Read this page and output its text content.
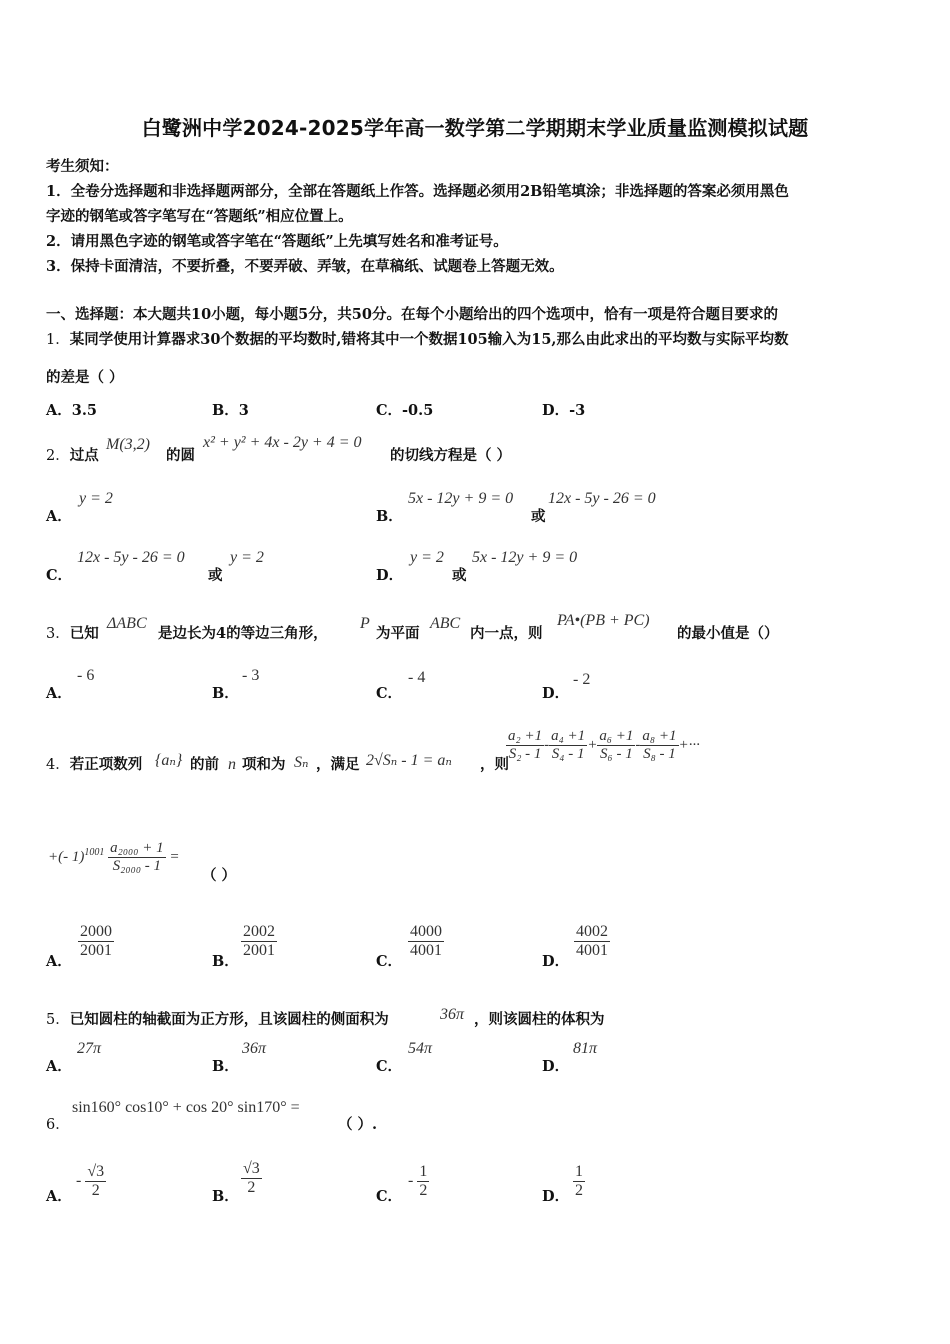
白鹭洲中学2024-2025学年高一数学第二学期期末学业质量监测模拟试题
考生须知：
1．全卷分选择题和非选择题两部分，全部在答题纸上作答。选择题必须用2B铅笔填涂；非选择题的答案必须用黑色
字迹的钢笔或答字笔写在“答题纸”相应位置上。
2．请用黑色字迹的钢笔或答字笔在“答题纸”上先填写姓名和准考证号。
3．保持卡面清洁，不要折叠，不要弄破、弄皱，在草稿纸、试题卷上答题无效。
一、选择题：本大题共10小题，每小题5分，共50分。在每个小题给出的四个选项中，恰有一项是符合题目要求的
1．某同学使用计算器求30个数据的平均数时,错将其中一个数据105输入为15,那么由此求出的平均数与实际平均数
的差是（ ）
A．3.5	B．3	C．-0.5	D．-3
2．过点
M(3,2)
的圆
x² + y² + 4x - 2y + 4 = 0
的切线方程是（ ）
A．
y = 2
B．
5x - 12y + 9 = 0
或
12x - 5y - 26 = 0
C．
12x - 5y - 26 = 0
或
y = 2
D．
y = 2
或
5x - 12y + 9 = 0
3．已知
ΔABC
是边长为4的等边三角形，
P
为平面
ABC
内一点，则
PA•(PB + PC)
的最小值是（）
A．
- 6
B．
- 3
C．
- 4
D．
- 2
4．若正项数列 {aₙ} 的前 n 项和为 Sₙ ，满足 2√Sₙ - 1 = aₙ ，则
$\frac{\text{a₂ +1}}{\text{S₂ - 1}} - \frac{\text{a₄ +1}}{\text{S₄ - 1}} + \frac{\text{a₆ +1}}{\text{S₆ - 1}} - \frac{\text{a₈ +1}}{\text{S₈ - 1}}$ +···
+(- $1)^{1001} \frac{\text{a₂₀₀₀ + 1}}{\text{S₂₀₀₀ - 1}}$ =
（ ）
A．
$\frac{2000}{2001}$
B．
$\frac{2002}{2001}$
C．
$\frac{4000}{4001}$
D．
$\frac{4002}{4001}$
5．已知圆柱的轴截面为正方形，且该圆柱的侧面积为	36π ，则该圆柱的体积为
A．
27π
B．
36π
C．
54π
D．
81π
6．
sin160° cos10° + cos 20° sin170° =
（ ）.
A．
- $\frac{√3}{2}$	B． $\frac{√3}{2}$	C．
- $\frac{1}{2}$	D． $\frac{1}{2}$
